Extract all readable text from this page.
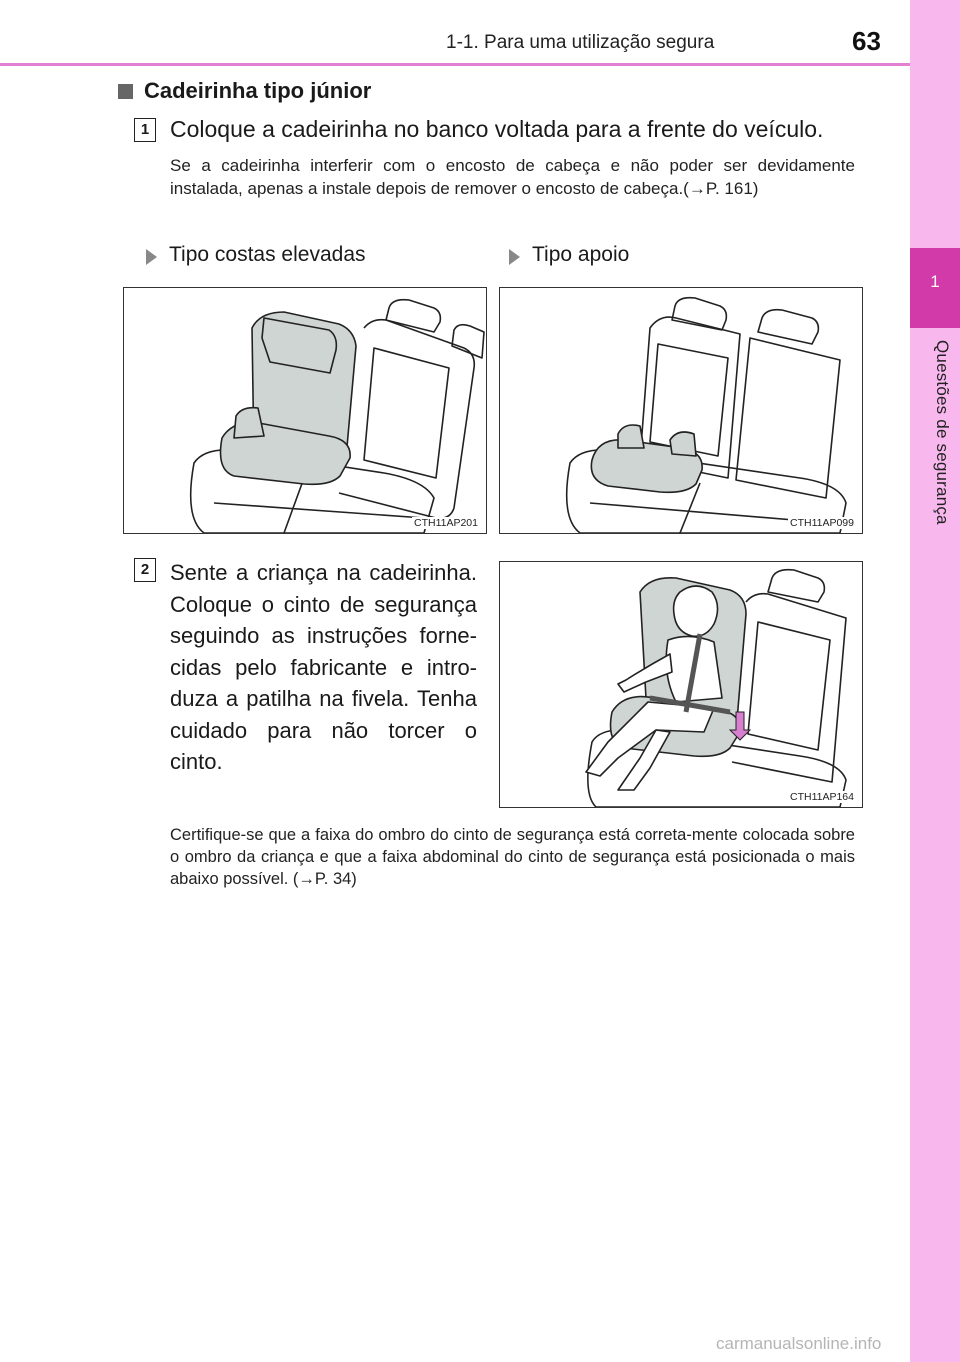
1-1. Para uma utilização segura	63
1
Questões de segurança
Cadeirinha tipo júnior
1 Coloque a cadeirinha no banco voltada para a frente do veículo.
Se a cadeirinha interferir com o encosto de cabeça e não poder ser devidamente instalada, apenas a instale depois de remover o encosto de cabeça.(→P. 161)
Tipo costas elevadas	Tipo apoio
CTH11AP201	CTH11AP099
2 Sente a criança na cadeirinha. Coloque o cinto de segurança seguindo as instruções forne-cidas pelo fabricante e intro-duza a patilha na fivela. Tenha cuidado para não torcer o cinto.
CTH11AP164
Certifique-se que a faixa do ombro do cinto de segurança está correta-mente colocada sobre o ombro da criança e que a faixa abdominal do cinto de segurança está posicionada o mais abaixo possível. (→P. 34)
carmanualsonline.info
